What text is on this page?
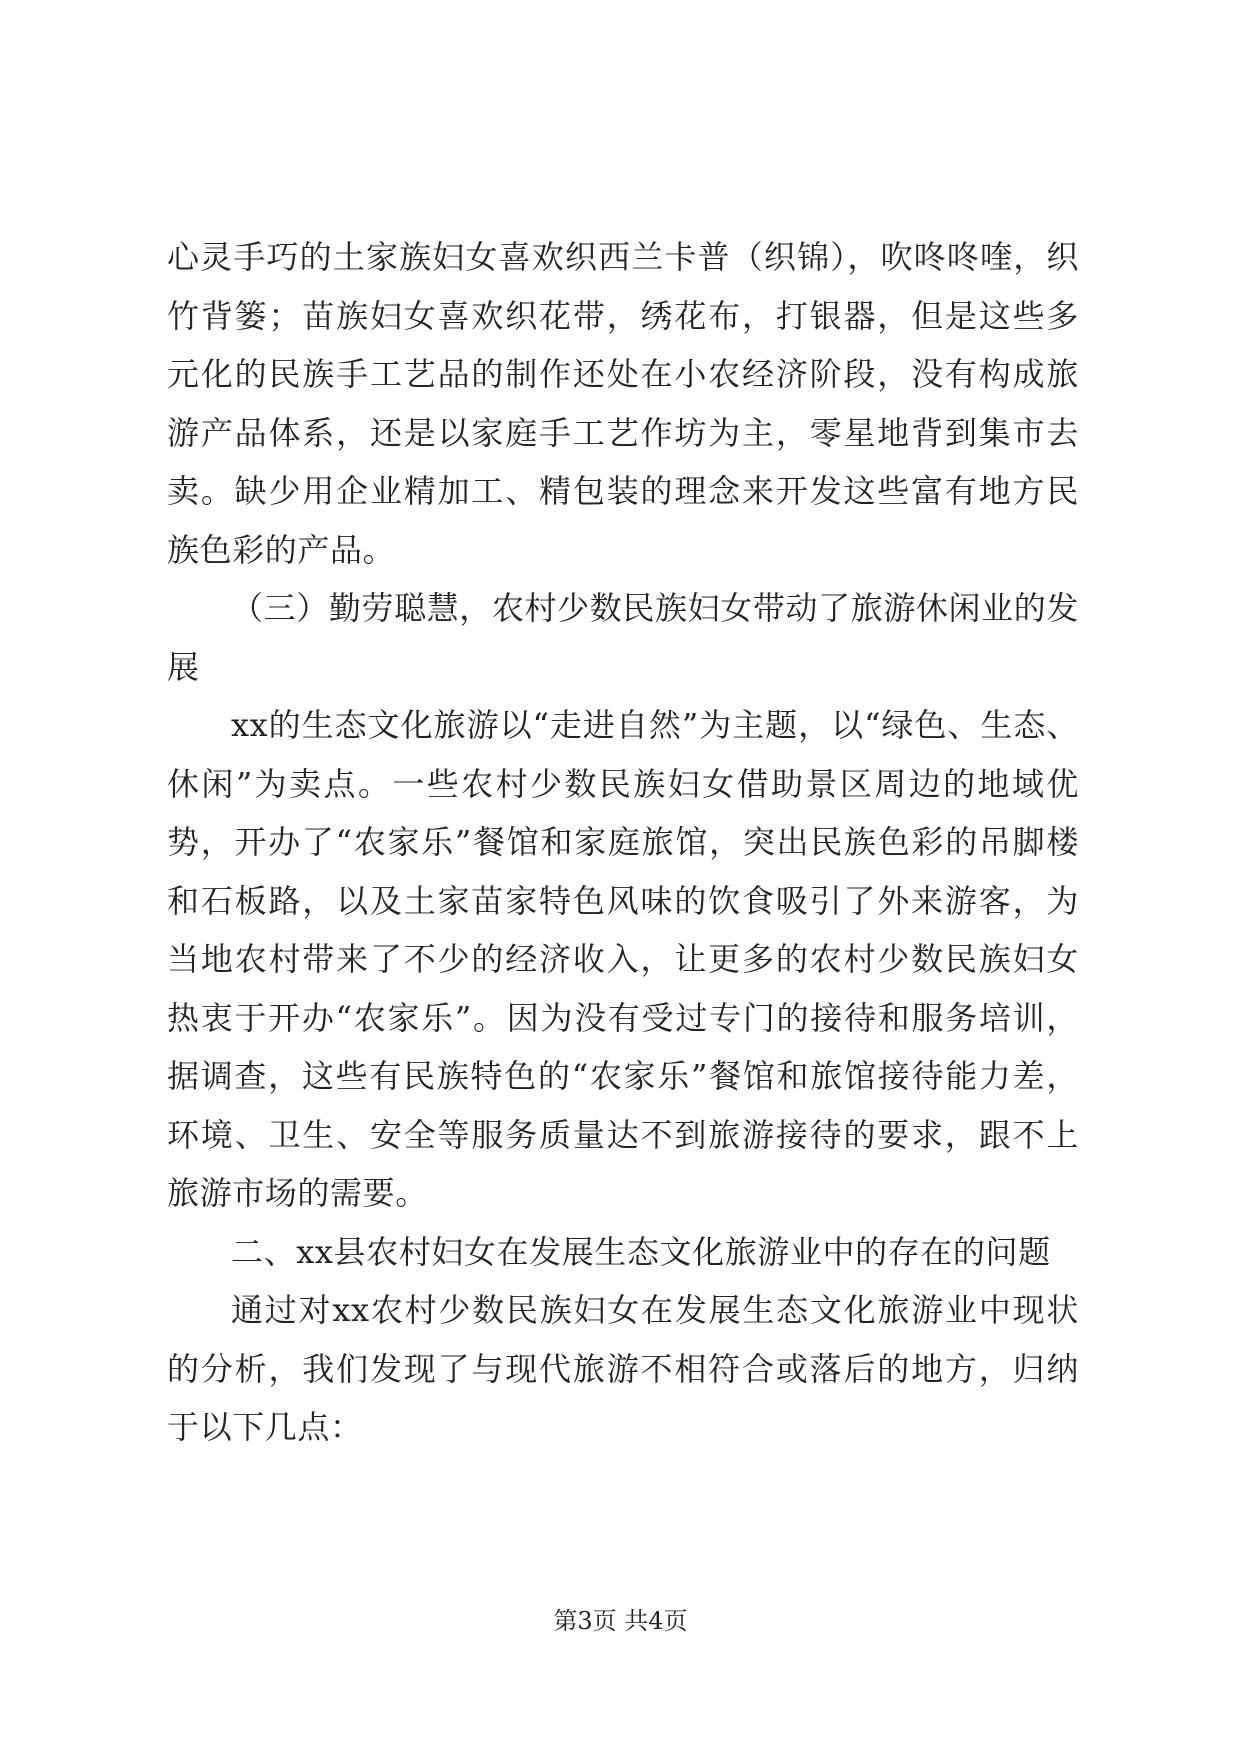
心灵手巧的土家族妇女喜欢织西兰卡普（织锦），吹咚咚喹，织竹背篓；苗族妇女喜欢织花带，绣花布，打银器，但是这些多元化的民族手工艺品的制作还处在小农经济阶段，没有构成旅游产品体系，还是以家庭手工艺作坊为主，零星地背到集市去卖。缺少用企业精加工、精包装的理念来开发这些富有地方民族色彩的产品。

（三）勤劳聪慧，农村少数民族妇女带动了旅游休闲业的发展

xx的生态文化旅游以“走进自然”为主题，以“绿色、生态、休闲”为卖点。一些农村少数民族妇女借助景区周边的地域优势，开办了“农家乐”餐馆和家庭旅馆，突出民族色彩的吊脚楼和石板路，以及土家苗家特色风味的饮食吸引了外来游客，为当地农村带来了不少的经济收入，让更多的农村少数民族妇女热衷于开办“农家乐”。因为没有受过专门的接待和服务培训，据调查，这些有民族特色的“农家乐”餐馆和旅馆接待能力差，环境、卫生、安全等服务质量达不到旅游接待的要求，跟不上旅游市场的需要。

二、xx县农村妇女在发展生态文化旅游业中的存在的问题

通过对xx农村少数民族妇女在发展生态文化旅游业中现状的分析，我们发现了与现代旅游不相符合或落后的地方，归纳于以下几点：

第3页 共4页
